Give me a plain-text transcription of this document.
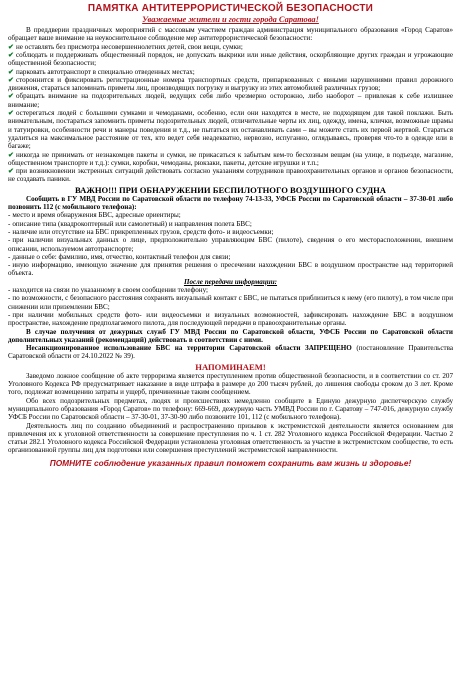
ПАМЯТКА АНТИТЕРРОРИСТИЧЕСКОЙ БЕЗОПАСНОСТИ
Уважаемые жители и гости города Саратова!

В преддверии праздничных мероприятий с массовым участием граждан администрация муниципального образования «Город Саратов» обращает ваше внимание на неукоснительное соблюдение мер антитеррористической безопасности:

✔ не оставлять без присмотра несовершеннолетних детей, свои вещи, сумки;
✔ соблюдать и поддерживать общественный порядок, не допускать выкрики или иные действия, оскорбляющие других граждан и угрожающие общественной безопасности;
✔ парковать автотранспорт в специально отведенных местах;
✔ стороннится и фиксировать регистрационные номера транспортных средств, припаркованных с явными нарушениями правил дорожного движения, стараться запоминать приметы лиц, производящих погрузку и выгрузку из этих автомобилей различных грузов;
✔ обращать внимание на подозрительных людей, ведущих себя либо чрезмерно осторожно, либо наоборот – привлекая к себе излишнее внимание;
✔ остерегаться людей с большими сумками и чемоданами, особенно, если они находятся в месте, не подходящем для такой поклажи. Быть внимательным, постараться запомнить приметы подозрительных людей, отличительные черты их лиц, одежду, имена, клички, возможные шрамы и татуировки, особенности речи и манеры поведения и т.д., не пытаться их останавливать сами – вы можете стать их первой жертвой. Стараться удалиться на максимальное расстояние от тех, кто ведет себя неадекватно, нервозно, испуганно, оглядываясь, проверяя что-то в одежде или в багаже;
✔ никогда не принимать от незнакомцев пакеты и сумки, не прикасаться к забытым кем-то бесхозным вещам (на улице, в подъезде, магазине, общественном транспорте и т.д.): сумки, коробки, чемоданы, рюкзаки, пакеты, детские игрушки и т.п.;
✔ при возникновении экстренных ситуаций действовать согласно указаниям сотрудников правоохранительных органов и органов безопасности, не создавать паники.
ВАЖНО!!! ПРИ ОБНАРУЖЕНИИ БЕСПИЛОТНОГО ВОЗДУШНОГО СУДНА

Сообщить в ГУ МВД России по Саратовской области по телефону 74-13-33, УФСБ России по Саратовской области – 37-30-01 либо позвонить 112 (с мобильного телефона):

- место и время обнаружения БВС, адресные ориентиры;
- описание типа (квадрокоптерный или самолетный) и направления полета БВС;
- наличие или отсутствие на БВС прикрепленных грузов, средств фото- и видеосъемки;
- при наличии визуальных данных о лице, предположительно управляющим БВС (пилоте), сведения о его месторасположении, внешнем описании, используемом автотранспорте;
- данные о себе: фамилию, имя, отчество, контактный телефон для связи;
- иную информацию, имеющую значение для принятия решения о пресечении нахождении БВС в воздушном пространстве над территорией объекта.

После передачи информации:

- находится на связи по указанному в своем сообщении телефону;
- по возможности, с безопасного расстояния сохранять визуальный контакт с БВС, не пытаться приблизиться к нему (его пилоту), в том числе при снижении или приземлении БВС;
- при наличии мобильных средств фото- или видеосъемки и визуальных возможностей, зафиксировать нахождение БВС в воздушном пространстве, нахождение предполагаемого пилота, для последующей передачи в правоохранительные органы.

В случае получения от дежурных служб ГУ МВД России по Саратовской области, УФСБ России по Саратовской области дополнительных указаний (рекомендаций) действовать в соответствии с ними.

Несанкционированное использование БВС на территории Саратовской области ЗАПРЕЩЕНО (постановление Правительства Саратовской области от 24.10.2022 № 39).

НАПОМИНАЕМ!

Заведомо ложное сообщение об акте терроризма является преступлением против общественной безопасности, и в соответствии со ст. 207 Уголовного Кодекса РФ предусматривает наказание в виде штрафа в размере до 200 тысяч рублей, до лишения свободы сроком до 3 лет. Кроме того, подлежат возмещению затраты и ущерб, причиненные таким сообщением.

Обо всех подозрительных предметах, людях и происшествиях немедленно сообщите в Единую дежурную диспетчерскую службу муниципального образования «Город Саратов» по телефону: 669-669, дежурную часть УМВД России по г. Саратову – 747-016, дежурную службу УФСБ России по Саратовской области – 37-30-01, 37-30-90 либо позвоните 101, 112 (с мобильного телефона).

Деятельность лиц по созданию объединений и распространению призывов к экстремистской деятельности является основанием для привлечения их к уголовной ответственности за совершение преступления по ч. 1 ст. 282 Уголовного кодекса Российской Федерации. Частью 2 статьи 282.1 Уголовного кодекса Российской Федерации установлена уголовная ответственность за участие в экстремистском сообществе, то есть организованной группы лиц для подготовки или совершения преступлений экстремистской направленности.

ПОМНИТЕ соблюдение указанных правил поможет сохранить вам жизнь и здоровье!
